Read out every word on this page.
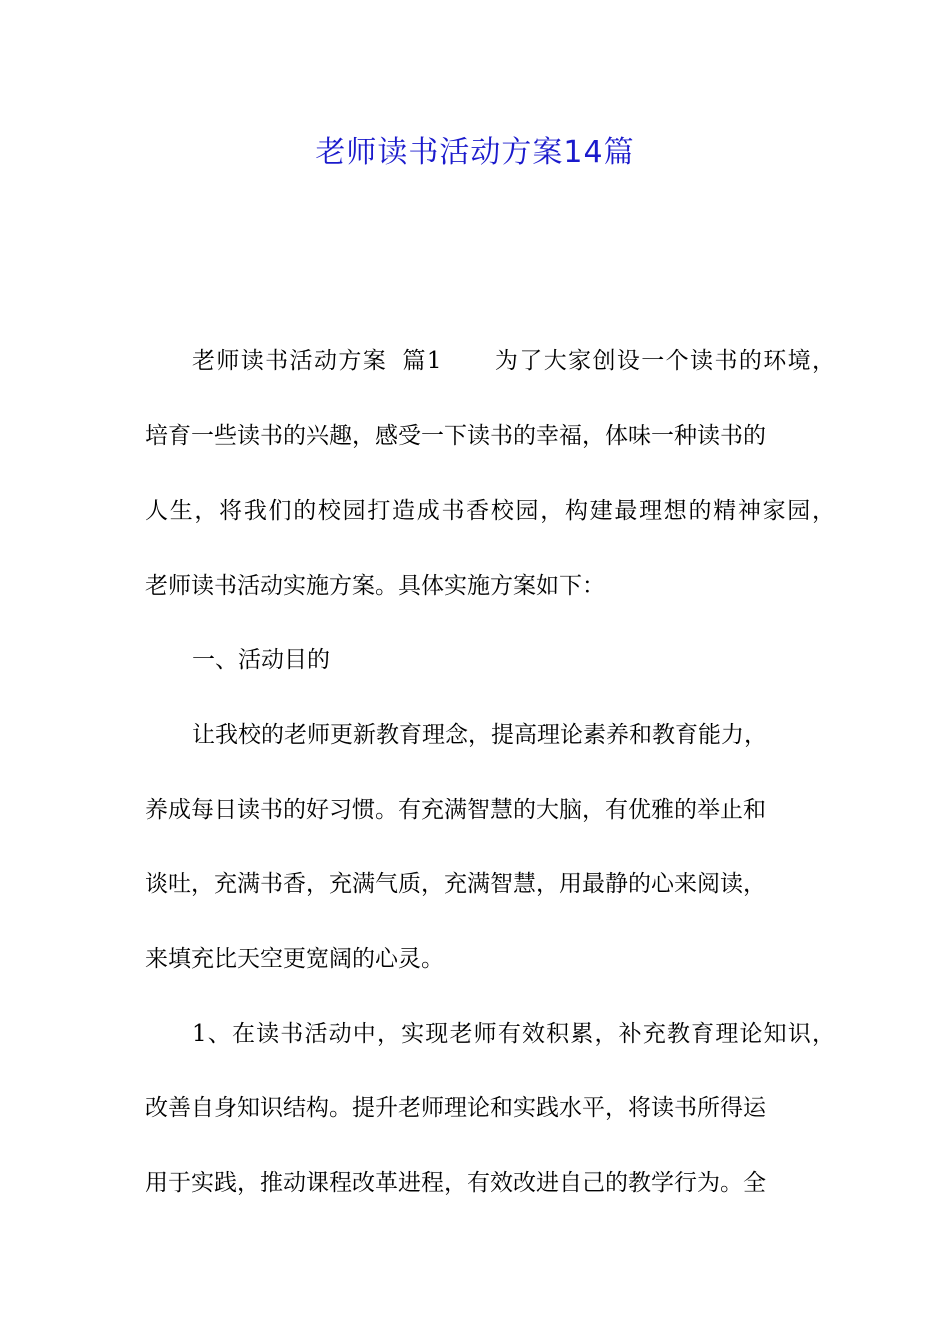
老师读书活动方案14篇
老师读书活动方案 篇1 为了大家创设一个读书的环境，
培育一些读书的兴趣，感受一下读书的幸福，体味一种读书的
人生，将我们的校园打造成书香校园，构建最理想的精神家园，
老师读书活动实施方案。具体实施方案如下：
一、活动目的
让我校的老师更新教育理念，提高理论素养和教育能力，
养成每日读书的好习惯。有充满智慧的大脑，有优雅的举止和
谈吐，充满书香，充满气质，充满智慧，用最静的心来阅读，
来填充比天空更宽阔的心灵。
1、在读书活动中，实现老师有效积累，补充教育理论知识，
改善自身知识结构。提升老师理论和实践水平，将读书所得运
用于实践，推动课程改革进程，有效改进自己的教学行为。全
